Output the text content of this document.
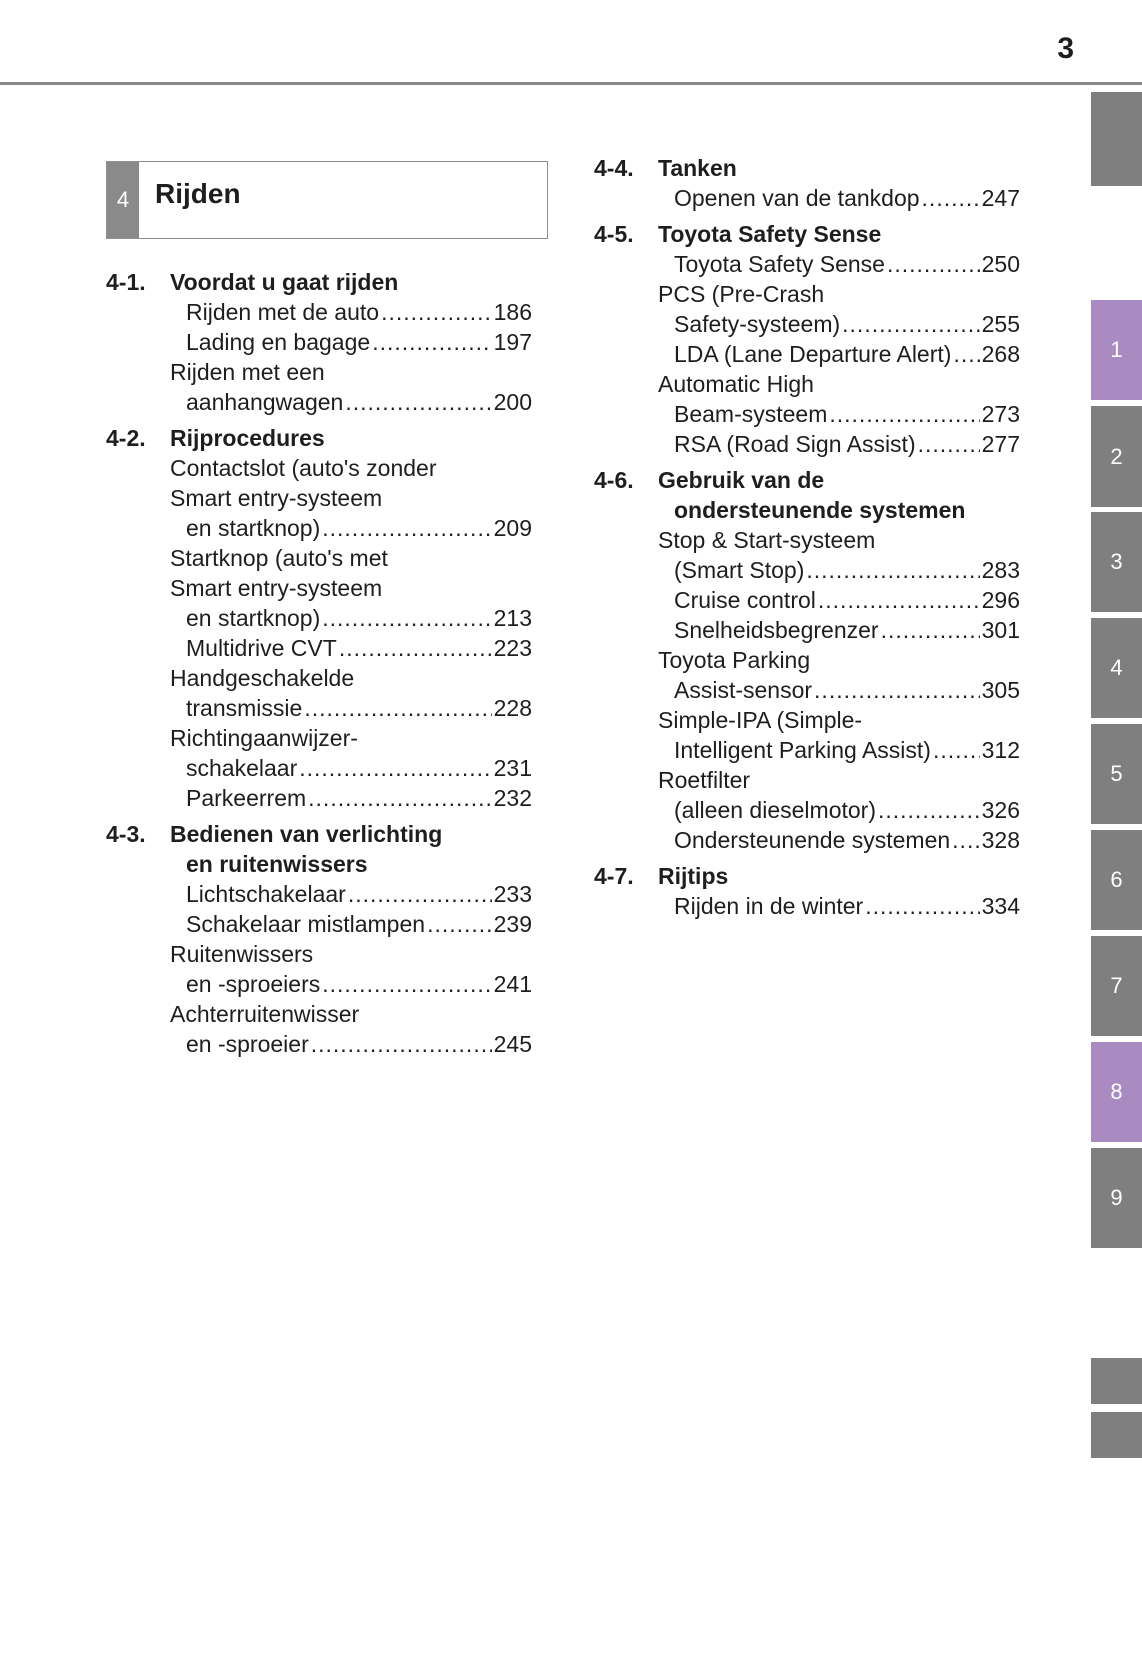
3
4 Rijden
4-1. Voordat u gaat rijden
Rijden met de auto .....	186
Lading en bagage .....	197
Rijden met een
aanhangwagen .....	200
4-2. Rijprocedures
Contactslot (auto's zonder
Smart entry-systeem
en startknop) .....	209
Startknop (auto's met
Smart entry-systeem
en startknop) .....	213
Multidrive CVT .....	223
Handgeschakelde
transmissie .....	228
Richtingaanwijzer-
schakelaar .....	231
Parkeerrem .....	232
4-3. Bedienen van verlichting
en ruitenwissers
Lichtschakelaar .....	233
Schakelaar mistlampen .....	239
Ruitenwissers
en -sproeiers .....	241
Achterruitenwisser
en -sproeier .....	245
4-4. Tanken
Openen van de tankdop .....	247
4-5. Toyota Safety Sense
Toyota Safety Sense .....	250
PCS (Pre-Crash
Safety-systeem) .....	255
LDA (Lane Departure Alert) ..... 268
Automatic High
Beam-systeem .....	273
RSA (Road Sign Assist) .....	277
4-6. Gebruik van de
ondersteunende systemen
Stop & Start-systeem
(Smart Stop) .....	283
Cruise control .....	296
Snelheidsbegrenzer .....	301
Toyota Parking
Assist-sensor .....	305
Simple-IPA (Simple-
Intelligent Parking Assist) ..... 312
Roetfilter
(alleen dieselmotor) .....	326
Ondersteunende systemen ..... 328
4-7. Rijtips
Rijden in de winter .....	334
1
2
3
4
5
6
7
8
9
